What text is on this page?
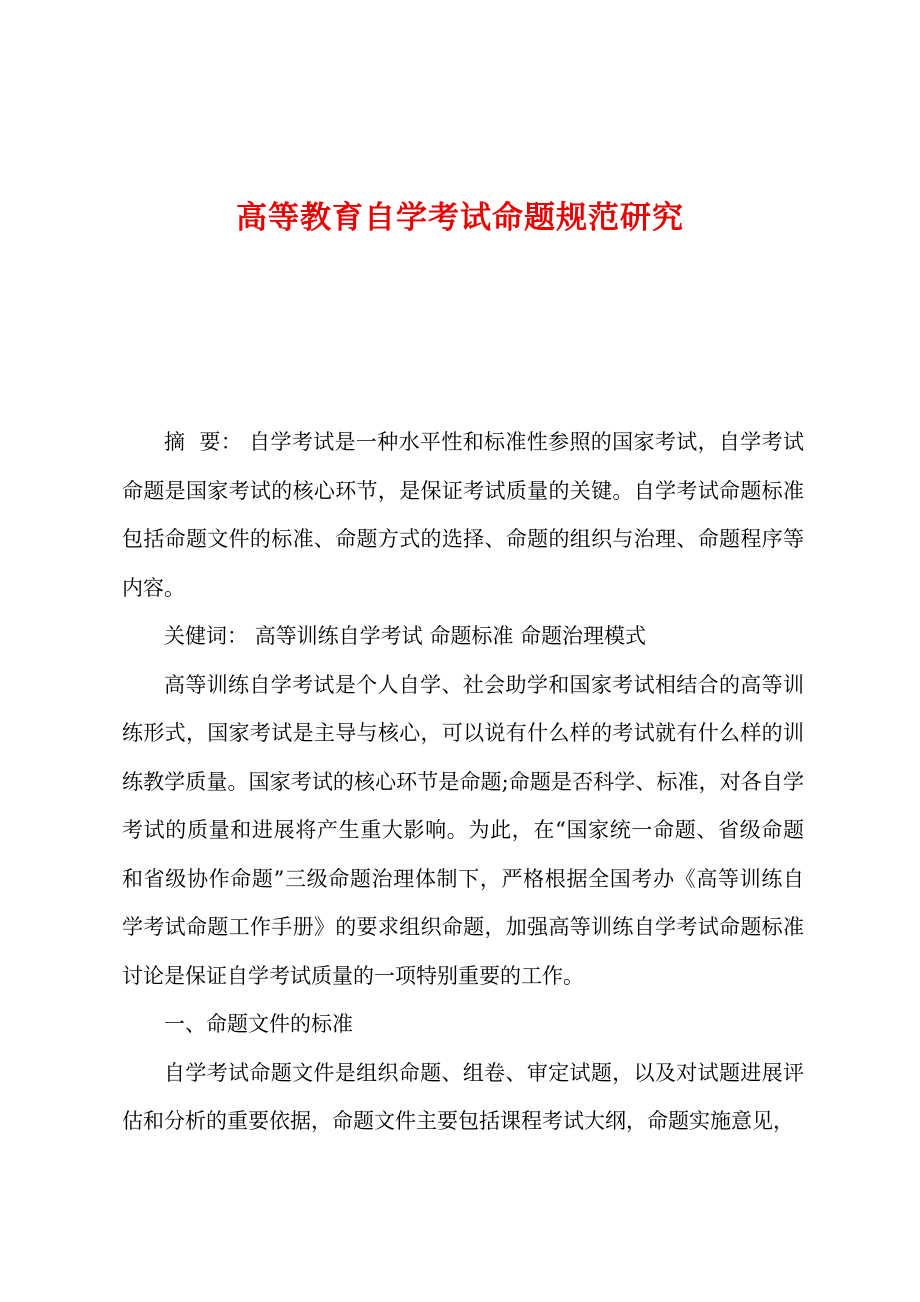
高等教育自学考试命题规范研究

摘  要： 自学考试是一种水平性和标准性参照的国家考试，自学考试命题是国家考试的核心环节，是保证考试质量的关键。自学考试命题标准包括命题文件的标准、命题方式的选择、命题的组织与治理、命题程序等内容。

关健词： 高等训练自学考试 命题标准 命题治理模式

高等训练自学考试是个人自学、社会助学和国家考试相结合的高等训练形式，国家考试是主导与核心，可以说有什么样的考试就有什么样的训练教学质量。国家考试的核心环节是命题;命题是否科学、标准，对各自学考试的质量和进展将产生重大影响。为此，在“国家统一命题、省级命题和省级协作命题”三级命题治理体制下，严格根据全国考办《高等训练自学考试命题工作手册》的要求组织命题，加强高等训练自学考试命题标准讨论是保证自学考试质量的一项特别重要的工作。

一、命题文件的标准

自学考试命题文件是组织命题、组卷、审定试题，以及对试题进展评估和分析的重要依据，命题文件主要包括课程考试大纲，命题实施意见，
